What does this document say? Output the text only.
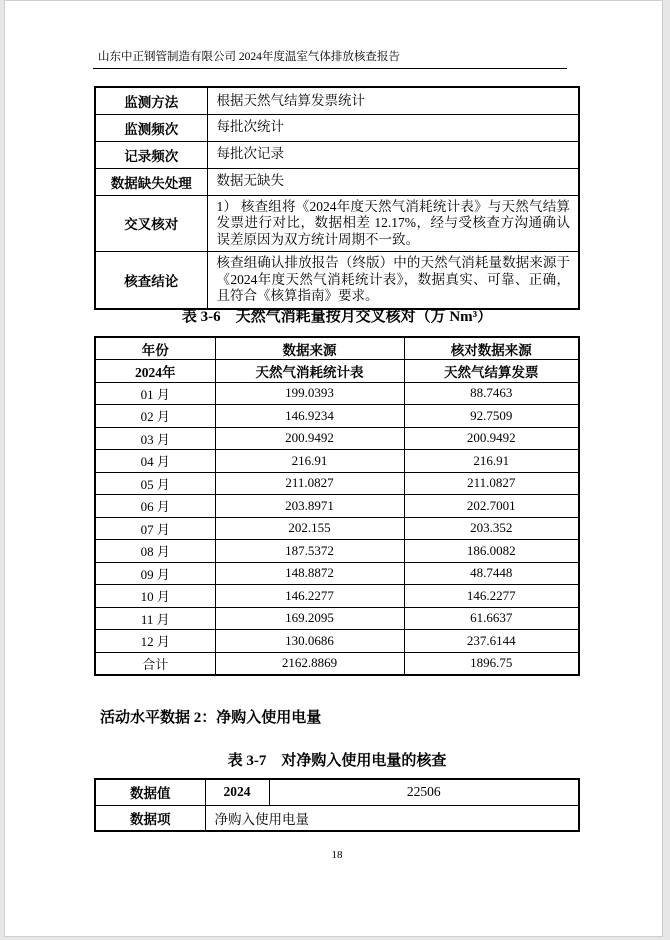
山东中正钢管制造有限公司 2024年度温室气体排放核查报告
监测方法	根据天然气结算发票统计
监测频次	每批次统计
记录频次	每批次记录
数据缺失处理	数据无缺失
交叉核对	1） 核查组将《2024年度天然气消耗统计表》与天然气结算发票进行对比，数据相差 12.17%，经与受核查方沟通确认误差原因为双方统计周期不一致。
核查结论	核查组确认排放报告（终版）中的天然气消耗量数据来源于《2024年度天然气消耗统计表》，数据真实、可靠、正确，且符合《核算指南》要求。
表 3-6　天然气消耗量按月交叉核对（万 Nm³）
年份	数据来源	核对数据来源
2024年	天然气消耗统计表	天然气结算发票
01 月	199.0393	88.7463
02 月	146.9234	92.7509
03 月	200.9492	200.9492
04 月	216.91	216.91
05 月	211.0827	211.0827
06 月	203.8971	202.7001
07 月	202.155	203.352
08 月	187.5372	186.0082
09 月	148.8872	48.7448
10 月	146.2277	146.2277
11 月	169.2095	61.6637
12 月	130.0686	237.6144
合计	2162.8869	1896.75
活动水平数据 2：净购入使用电量
表 3-7　对净购入使用电量的核查
数据值	2024	22506
数据项	净购入使用电量	
18
